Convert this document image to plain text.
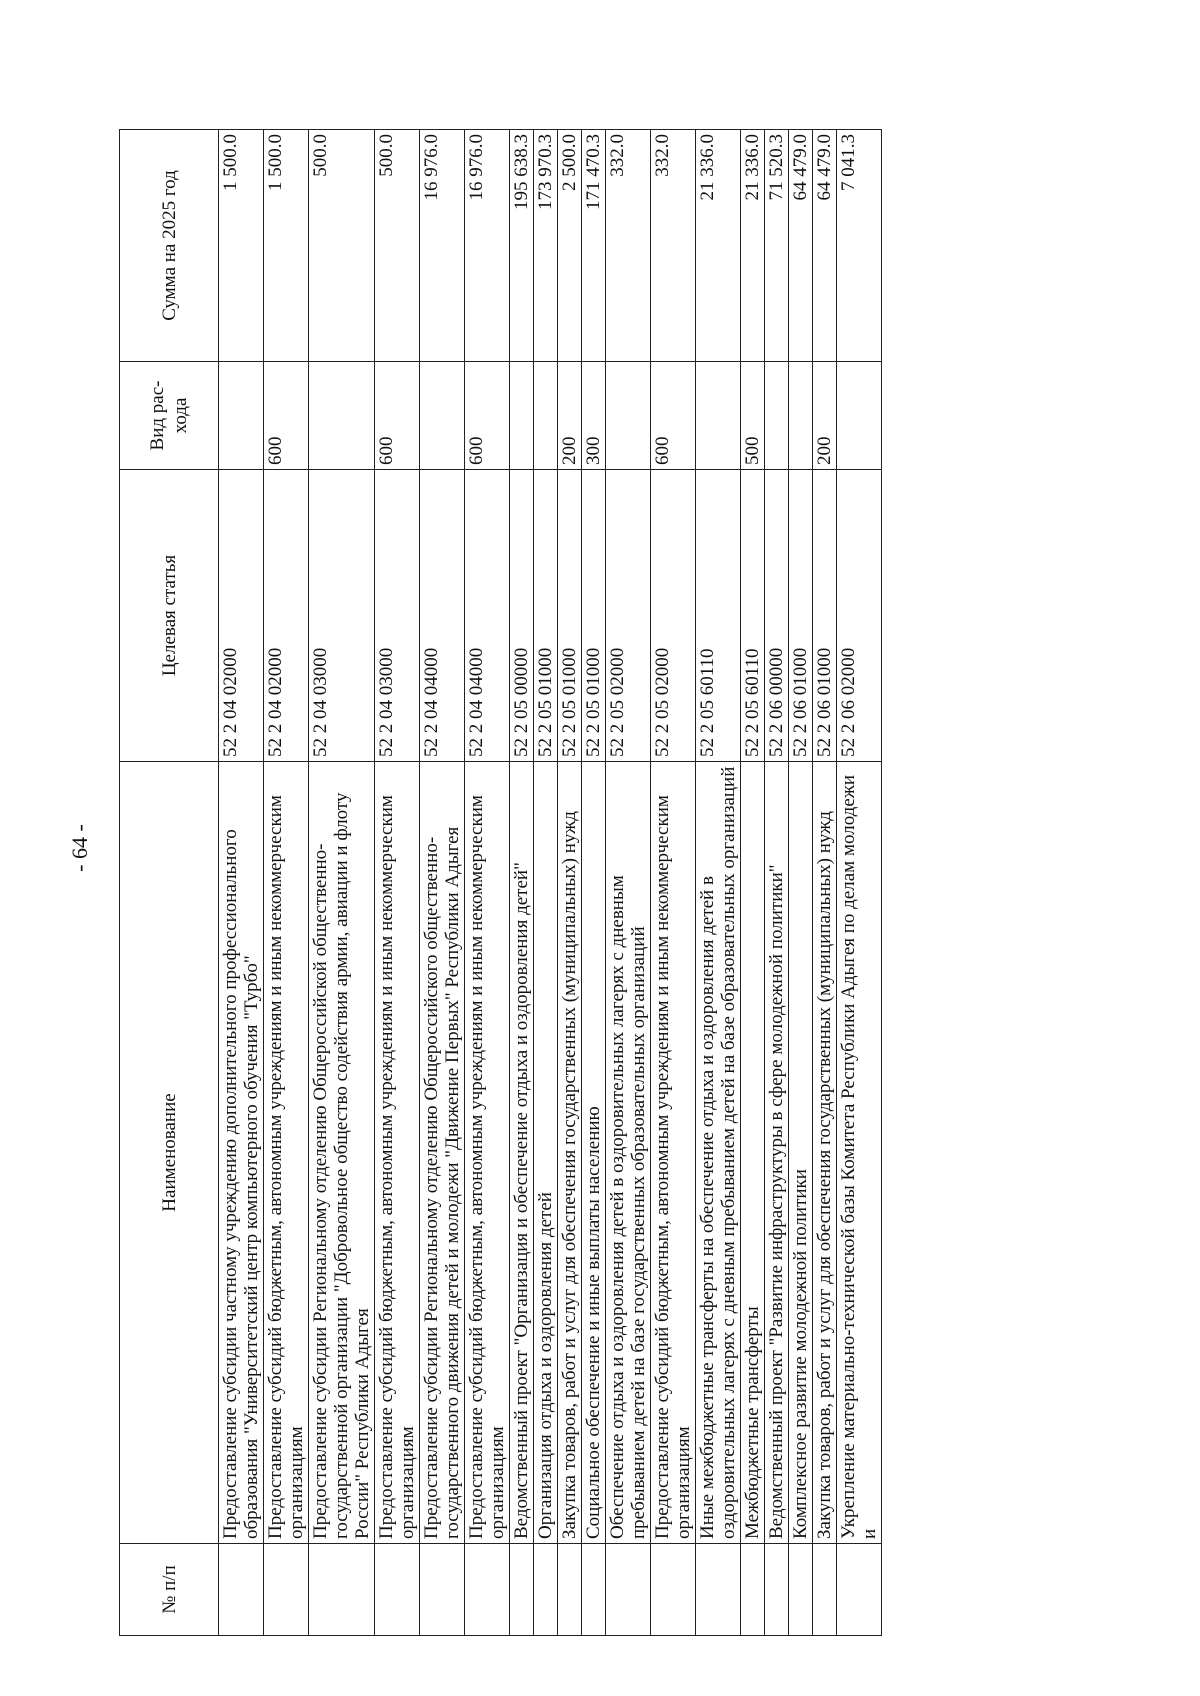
- 64 -
№ п/п	Наименование	Целевая статья	Вид рас-хода	Сумма на 2025 год
	Предоставление субсидии частному учреждению дополнительного профессионального образования "Университетский центр компьютерного обучения "Турбо"	52 2 04 02000		1 500.0
	Предоставление субсидий бюджетным, автономным учреждениям и иным некоммерческим организациям	52 2 04 02000	600	1 500.0
	Предоставление субсидии Региональному отделению Общероссийской общественно-государственной организации "Добровольное общество содействия армии, авиации и флоту России" Республики Адыгея	52 2 04 03000		500.0
	Предоставление субсидий бюджетным, автономным учреждениям и иным некоммерческим организациям	52 2 04 03000	600	500.0
	Предоставление субсидии Региональному отделению Общероссийского общественно-государственного движения детей и молодежи "Движение Первых" Республики Адыгея	52 2 04 04000		16 976.0
	Предоставление субсидий бюджетным, автономным учреждениям и иным некоммерческим организациям	52 2 04 04000	600	16 976.0
	Ведомственный проект "Организация и обеспечение отдыха и оздоровления детей"	52 2 05 00000		195 638.3
	Организация отдыха и оздоровления детей	52 2 05 01000		173 970.3
	Закупка товаров, работ и услуг для обеспечения государственных (муниципальных) нужд	52 2 05 01000	200	2 500.0
	Социальное обеспечение и иные выплаты населению	52 2 05 01000	300	171 470.3
	Обеспечение отдыха и оздоровления детей в оздоровительных лагерях с дневным пребыванием детей на базе государственных образовательных организаций	52 2 05 02000		332.0
	Предоставление субсидий бюджетным, автономным учреждениям и иным некоммерческим организациям	52 2 05 02000	600	332.0
	Иные межбюджетные трансферты на обеспечение отдыха и оздоровления детей в оздоровительных лагерях с дневным пребыванием детей на базе образовательных организаций	52 2 05 60110		21 336.0
	Межбюджетные трансферты	52 2 05 60110	500	21 336.0
	Ведомственный проект "Развитие инфраструктуры в сфере молодежной политики"	52 2 06 00000		71 520.3
	Комплексное развитие молодежной политики	52 2 06 01000		64 479.0
	Закупка товаров, работ и услуг для обеспечения государственных (муниципальных) нужд	52 2 06 01000	200	64 479.0
	Укрепление материально-технической базы Комитета Республики Адыгея по делам молодежи и	52 2 06 02000		7 041.3
